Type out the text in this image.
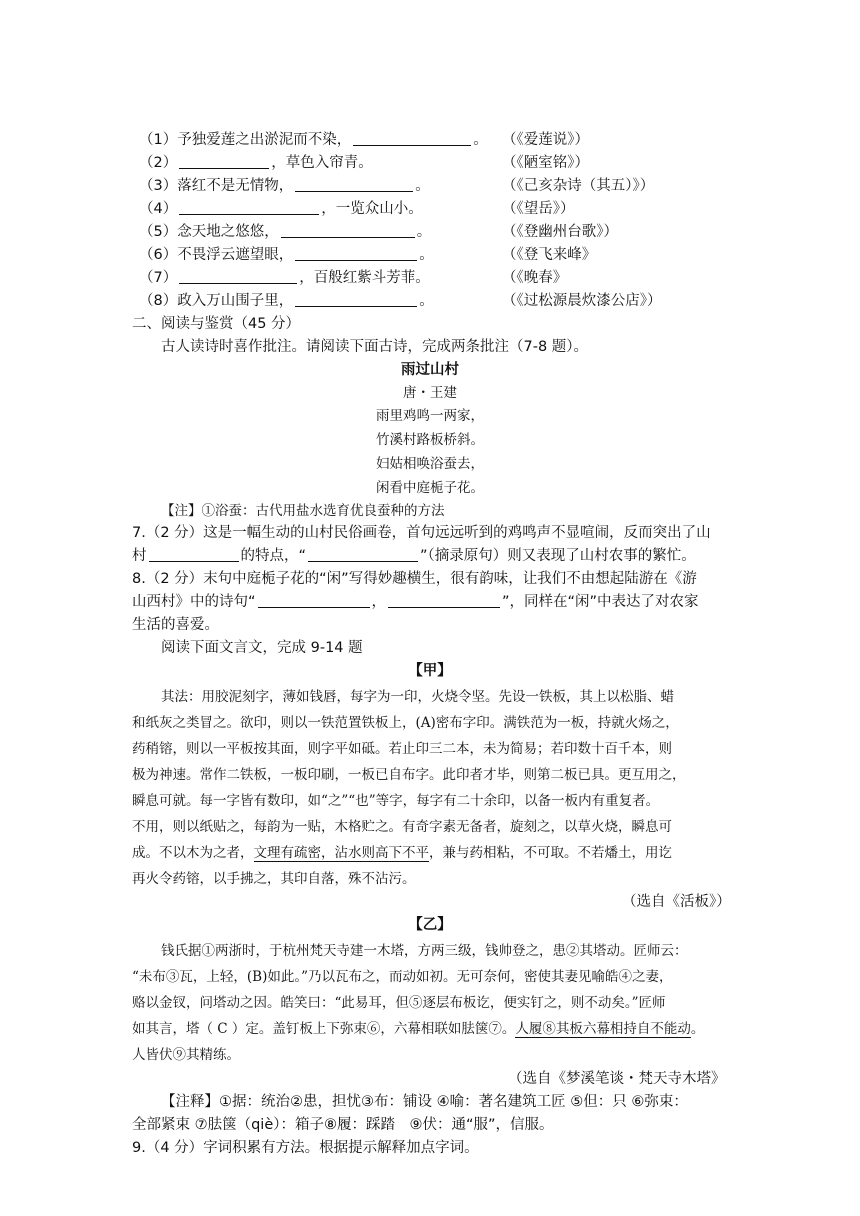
（1）予独爱莲之出淤泥而不染，	。 （《爱莲说》）
（2）	，草色入帘青。	（《陋室铭》）
（3）落红不是无情物，	。	（《己亥杂诗（其五）》）
（4）	，一览众山小。	（《望岳》）
（5）念天地之悠悠，	。	（《登幽州台歌》）
（6）不畏浮云遮望眼，	。	（《登飞来峰》
（7）	，百般红紫斗芳菲。	（《晚春》
（8）政入万山围子里，	。	（《过松源晨炊漆公店》）
二、阅读与鉴赏（45 分）
古人读诗时喜作批注。请阅读下面古诗，完成两条批注（7-8 题）。
雨过山村
唐・王建
雨里鸡鸣一两家，
竹溪村路板桥斜。
妇姑相唤浴蚕去，
闲看中庭栀子花。
【注】①浴蚕：古代用盐水选育优良蚕种的方法
7.（2 分）这是一幅生动的山村民俗画卷，首句远远听到的鸡鸣声不显喧闹，反而突出了山
村	的特点，“	”（摘录原句）则又表现了山村农事的繁忙。
8.（2 分）末句中庭栀子花的“闲”写得妙趣横生，很有韵味，让我们不由想起陆游在《游
山西村》中的诗句“	，	”，同样在“闲”中表达了对农家
生活的喜爱。
阅读下面文言文，完成 9-14 题
【甲】
其法：用胶泥刻字，薄如钱唇，每字为一印，火烧令坚。先设一铁板，其上以松脂、蜡
和纸灰之类冒之。欲印，则以一铁范置铁板上，(A)密布字印。满铁范为一板，持就火炀之，
药稍镕，则以一平板按其面，则字平如砥。若止印三二本，未为简易；若印数十百千本，则
极为神速。常作二铁板，一板印刷，一板已自布字。此印者才毕，则第二板已具。更互用之，
瞬息可就。每一字皆有数印，如“之”“也”等字，每字有二十余印，以备一板内有重复者。
不用，则以纸贴之，每韵为一贴，木格贮之。有奇字素无备者，旋刻之，以草火烧，瞬息可
成。不以木为之者，文理有疏密，沾水则高下不平，兼与药相粘，不可取。不若燔土，用讫
再火令药镕，以手拂之，其印自落，殊不沾污。
（选自《活板》）
【乙】
钱氏据①两浙时，于杭州梵天寺建一木塔，方两三级，钱帅登之，患②其塔动。匠师云：
“未布③瓦，上轻，(B)如此。”乃以瓦布之，而动如初。无可奈何，密使其妻见喻皓④之妻，
赂以金钗，问塔动之因。皓笑曰：“此易耳，但⑤逐层布板讫，便实钉之，则不动矣。”匠师
如其言，塔（ C ）定。盖钉板上下弥束⑥，六幕相联如胠箧⑦。人履⑧其板六幕相持自不能动。
人皆伏⑨其精练。
（选自《梦溪笔谈・梵天寺木塔》
【注释】①据：统治②患，担忧③布：铺设 ④喻：著名建筑工匠 ⑤但：只 ⑥弥束：
全部紧束 ⑦胠箧（qiè）：箱子⑧履：踩踏　⑨伏：通“服”，信服。
9.（4 分）字词积累有方法。根据提示解释加点字词。
